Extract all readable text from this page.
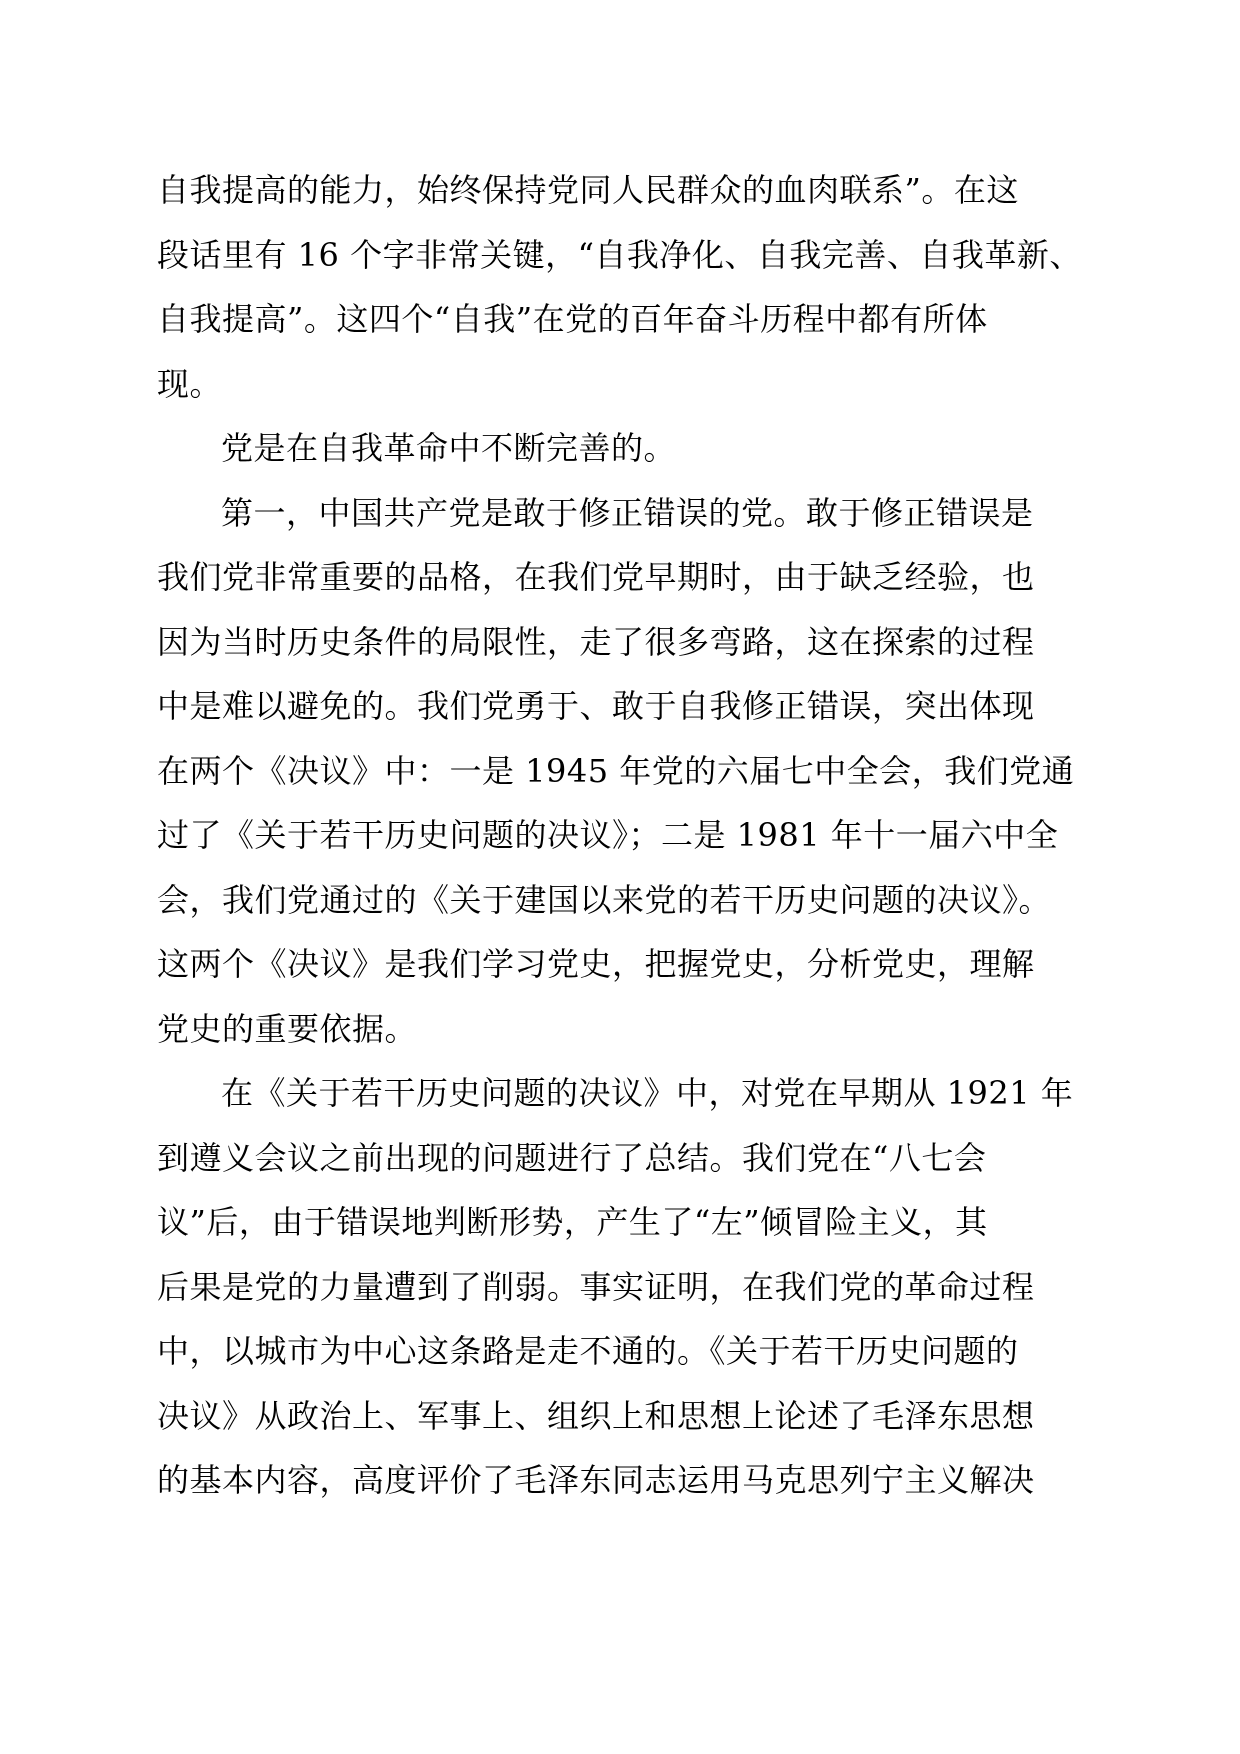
自我提高的能力，始终保持党同人民群众的血肉联系”。在这
段话里有 16 个字非常关键，“自我净化、自我完善、自我革新、
自我提高”。这四个“自我”在党的百年奋斗历程中都有所体
现。
党是在自我革命中不断完善的。
第一，中国共产党是敢于修正错误的党。敢于修正错误是
我们党非常重要的品格，在我们党早期时，由于缺乏经验，也
因为当时历史条件的局限性，走了很多弯路，这在探索的过程
中是难以避免的。我们党勇于、敢于自我修正错误，突出体现
在两个《决议》中：一是 1945 年党的六届七中全会，我们党通
过了《关于若干历史问题的决议》；二是 1981 年十一届六中全
会，我们党通过的《关于建国以来党的若干历史问题的决议》。
这两个《决议》是我们学习党史，把握党史，分析党史，理解
党史的重要依据。
在《关于若干历史问题的决议》中，对党在早期从 1921 年
到遵义会议之前出现的问题进行了总结。我们党在“八七会
议”后，由于错误地判断形势，产生了“左”倾冒险主义，其
后果是党的力量遭到了削弱。事实证明，在我们党的革命过程
中，以城市为中心这条路是走不通的。《关于若干历史问题的
决议》从政治上、军事上、组织上和思想上论述了毛泽东思想
的基本内容，高度评价了毛泽东同志运用马克思列宁主义解决
